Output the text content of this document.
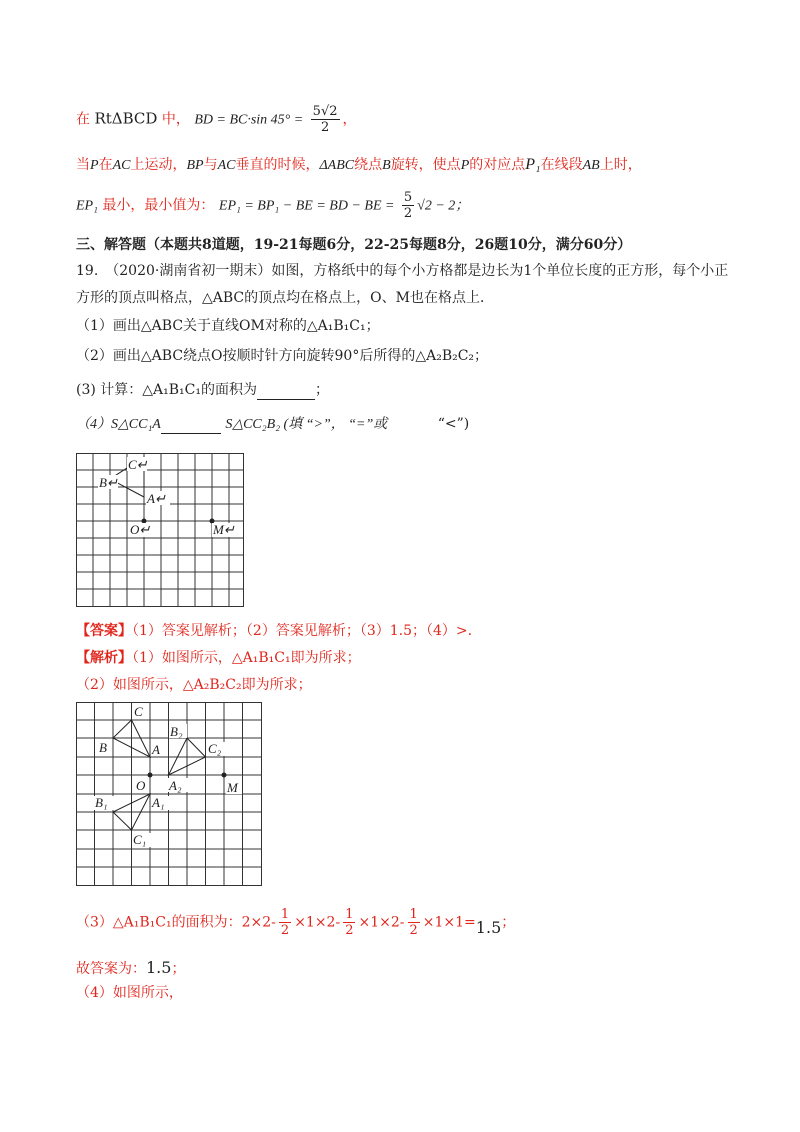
在 RtΔBCD 中， BD = BC·sin $45^\circ = \frac{5√2}{2}$ ，
当P在AC上运动，BP与AC垂直的时候，ΔABC绕点B旋转，使点P的对应点P₁在线段AB上时，
EP₁ 最小，最小值为： EP₁ = BP₁ − BE = BD − BE = $\frac{5}{2} √2 - 2$；
三、解答题（本题共8道题，19-21每题6分，22-25每题8分，26题10分，满分60分）
19.　（2020·湖南省初一期末）如图，方格纸中的每个小方格都是边长为1个单位长度的正方形，每个小正
方形的顶点叫格点，△ABC的顶点均在格点上，O、M也在格点上．
（1）画出△ABC关于直线OM对称的△A₁B₁C₁；
（2）画出△ABC绕点O按顺时针方向旋转90°后所得的△A₂B₂C₂；
(3) 计算：△A₁B₁C₁的面积为	；
（4）S△CC₁A	S△CC₂B₂ (填 “>”， “=”或	“<”)
C↵
B↵
A↵
O↵	M↵
【答案】（1）答案见解析；（2）答案见解析；（3）1.5；（4）>.
【解析】（1）如图所示，△A₁B₁C₁即为所求；
（2）如图所示，△A₂B₂C₂即为所求；
C
B	A
B₂
C₂
A₂
O	M
B₁	A₁
C₁
（3）△A₁B₁C₁的面积为：$2\times 2- \frac{1}{2} \times 1\times 2- \frac{1}{2} \times 1\times 2- \frac{1}{2} \times 1\times 1=1.5$；
故答案为：1.5；
（4）如图所示，
